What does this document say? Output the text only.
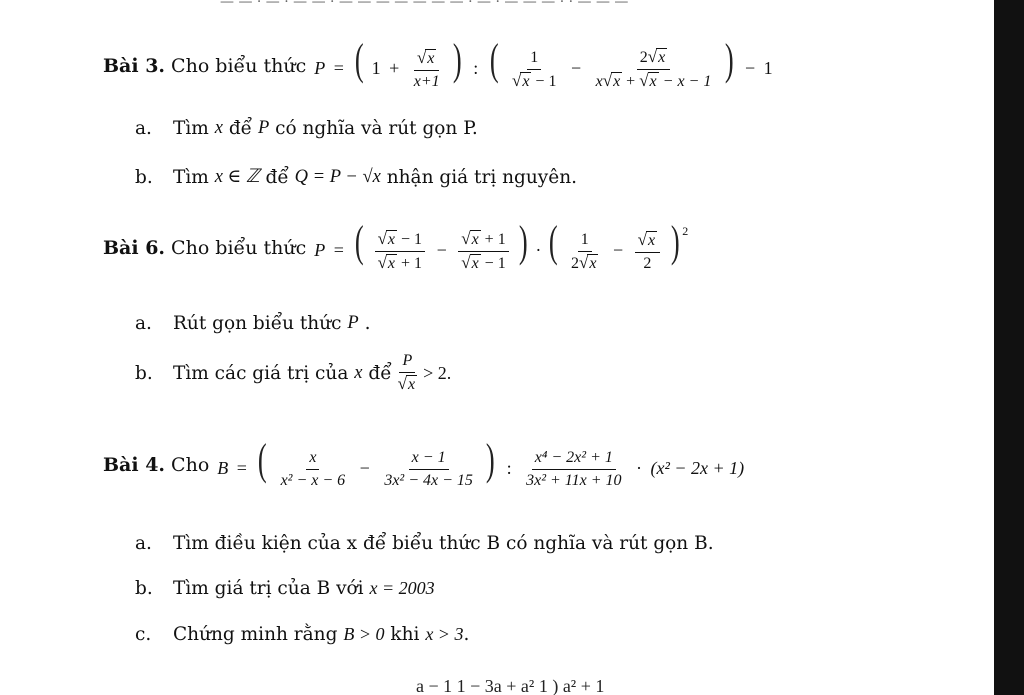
— — · — · — — · — — — — — — — · — · — — — · · — — —
Bài 3. Cho biểu thức P = ( $1 + \frac{√ x}{x+1}$ ) : ( $\frac{1}{√ x - 1} - \frac{2 √ x}{x √ x + √ x - x - 1}$ ) − 1
a.	Tìm
x
để
P
có nghĩa và rút gọn P.
b.	Tìm
x ∈ ℤ
để
Q = P − √x
nhận giá trị nguyên.
Bài 6. Cho biểu thức P = ( $\frac{√ x - 1}{√ x + 1} - \frac{√ x + 1}{√ x - 1}$ ) · ( $\frac{1}{2 √ x} - \frac{√ x}{2}$ ) $^2$
a.	Rút gọn biểu thức
P
.
b.	Tìm các giá trị của
x
để $\frac{P}{√ x} > 2$.
Bài 4. Cho B = ( $\frac{x}{\text{x² − x − 6}} - \frac{x - 1}{\text{3x² − 4x − 15}}$ ) : $\frac{\text{x⁴ − 2x² + 1}}{\text{3x² + 11x + 10}} \cdot (x^2 - 2x + 1)$
a.	Tìm điều kiện của x để biểu thức B có nghĩa và rút gọn B.
b.	Tìm giá trị của B với
x = 2003
c.	Chứng minh rằng
B > 0
khi
x > 3 .
a − 1 1 − 3a + a² 1 ) a² + 1
